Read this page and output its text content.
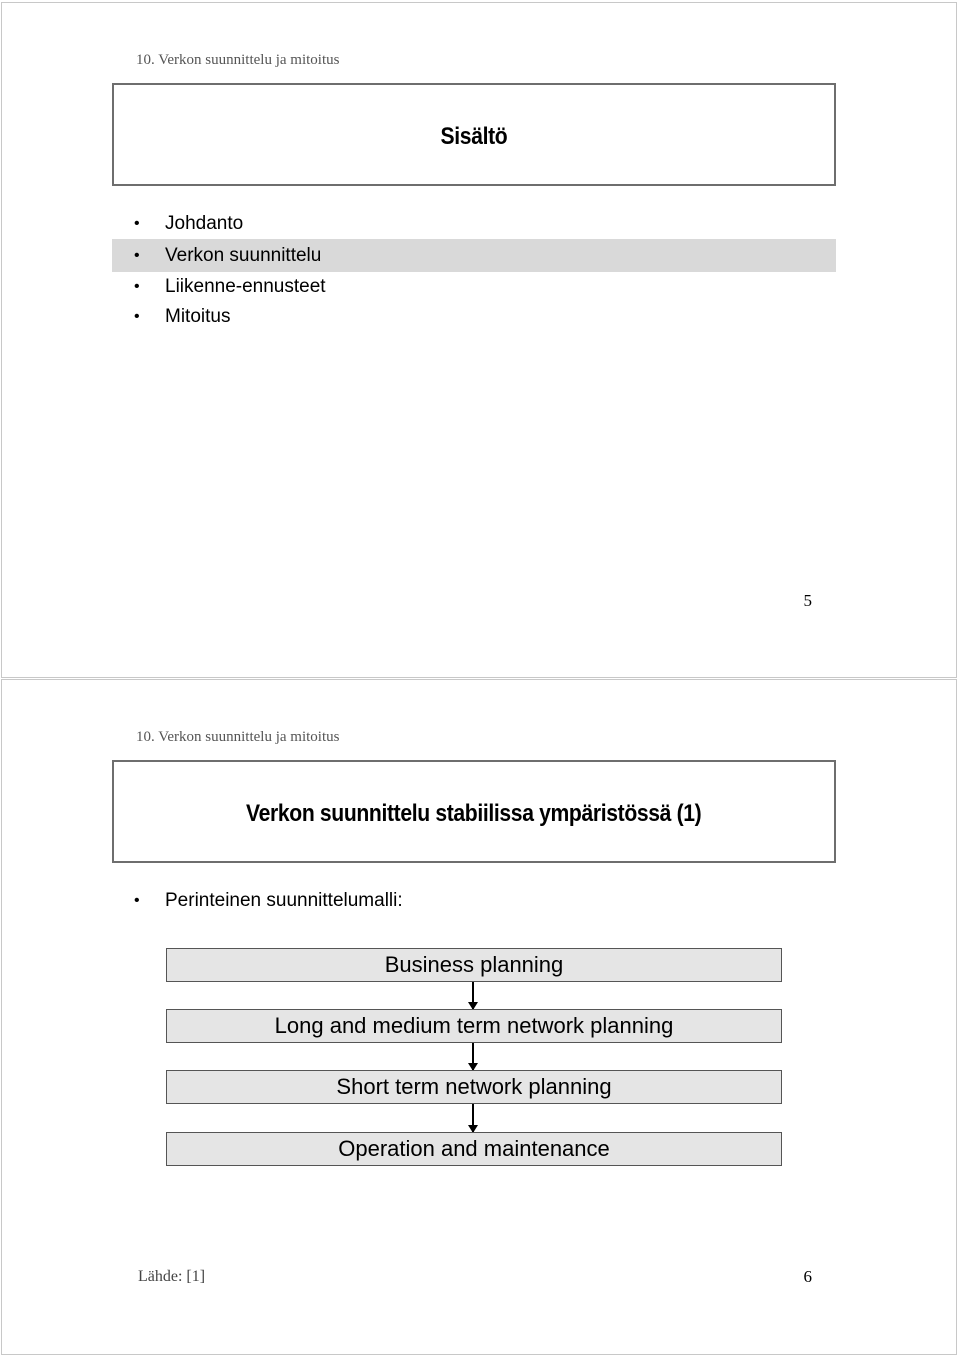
10. Verkon suunnittelu ja mitoitus
Sisältö
• Johdanto
• Verkon suunnittelu
• Liikenne-ennusteet
• Mitoitus
5
10. Verkon suunnittelu ja mitoitus
Verkon suunnittelu stabiilissa ympäristössä (1)
• Perinteinen suunnittelumalli:
Business planning
Long and medium term network planning
Short term network planning
Operation and maintenance
Lähde: [1]	6
